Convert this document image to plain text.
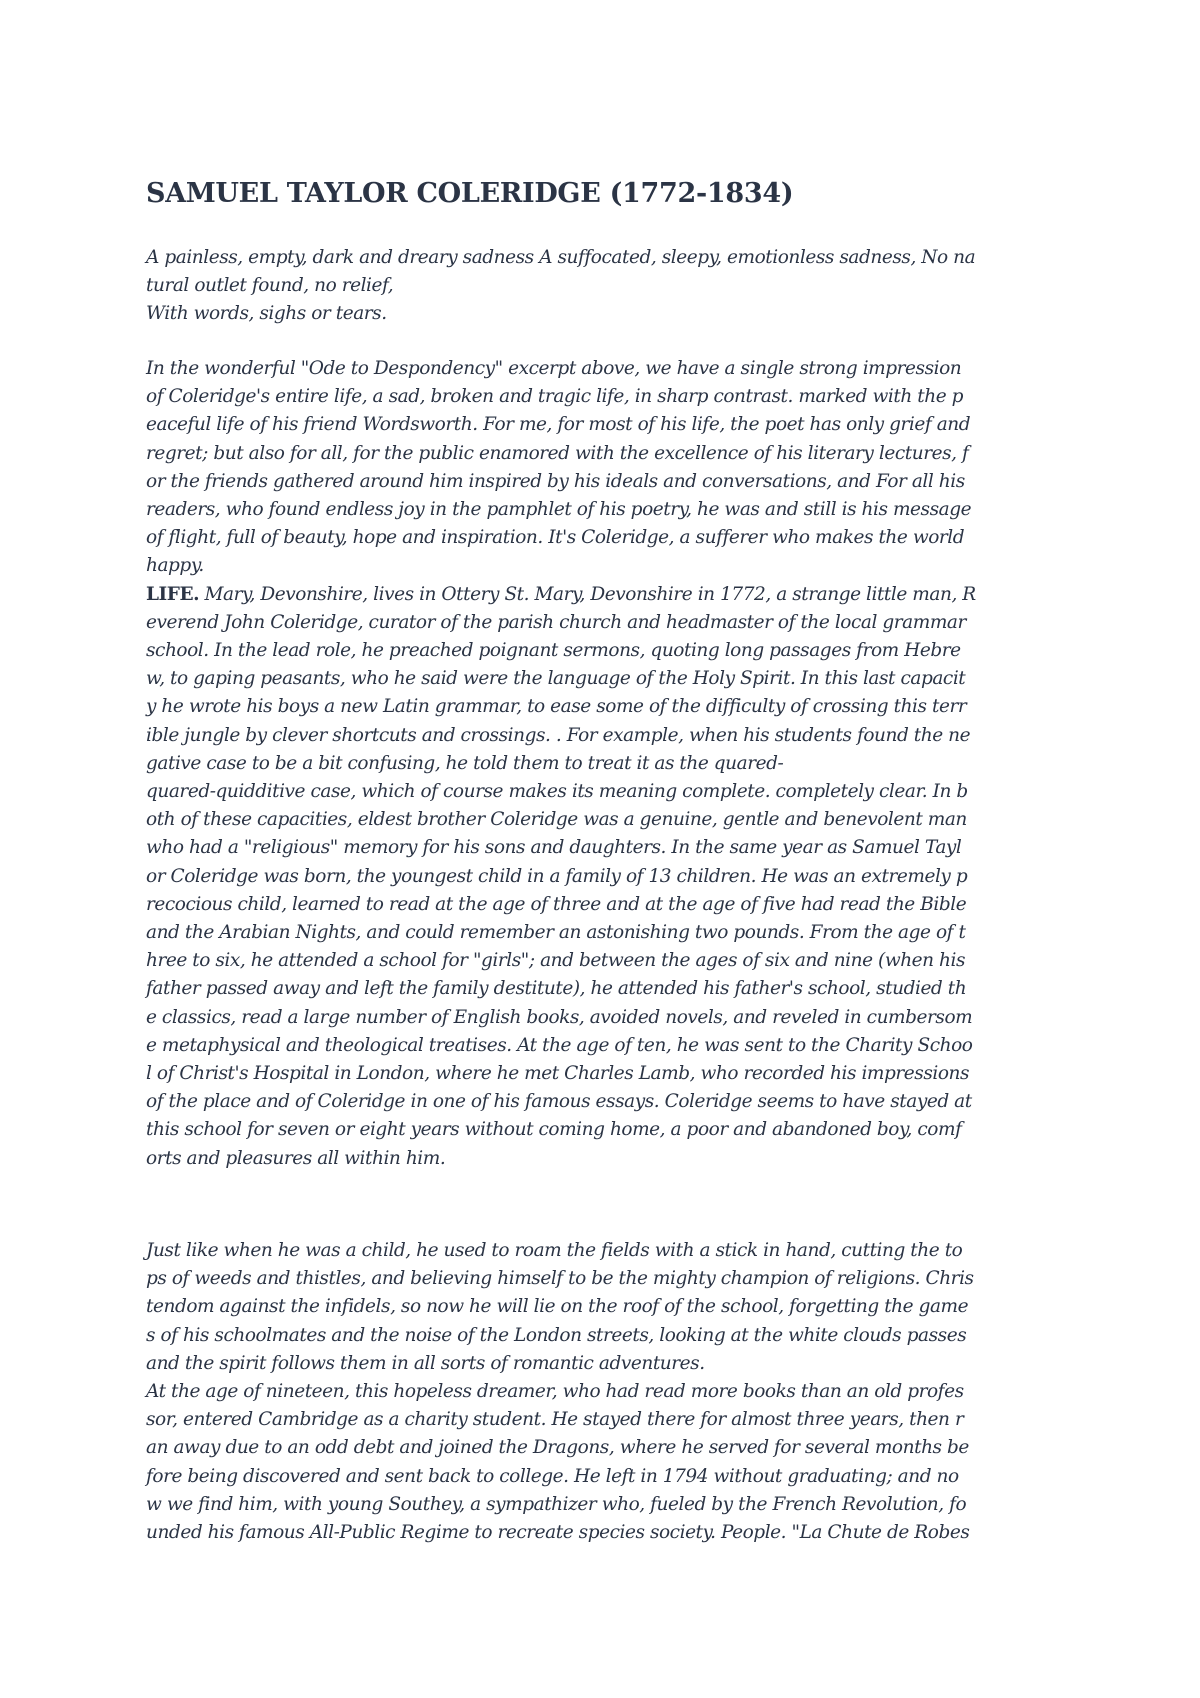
SAMUEL TAYLOR COLERIDGE (1772-1834)
A painless, empty, dark and dreary sadness A suffocated, sleepy, emotionless sadness, No na
tural outlet found, no relief,
With words, sighs or tears.

In the wonderful "Ode to Despondency" excerpt above, we have a single strong impression
of Coleridge's entire life, a sad, broken and tragic life, in sharp contrast. marked with the p
eaceful life of his friend Wordsworth. For me, for most of his life, the poet has only grief and
regret; but also for all, for the public enamored with the excellence of his literary lectures, f
or the friends gathered around him inspired by his ideals and conversations, and For all his
readers, who found endless joy in the pamphlet of his poetry, he was and still is his message
of flight, full of beauty, hope and inspiration. It's Coleridge, a sufferer who makes the world
happy.

LIFE. Mary, Devonshire, lives in Ottery St. Mary, Devonshire in 1772, a strange little man, R
everend John Coleridge, curator of the parish church and headmaster of the local grammar
school. In the lead role, he preached poignant sermons, quoting long passages from Hebre
w, to gaping peasants, who he said were the language of the Holy Spirit. In this last capacit
y he wrote his boys a new Latin grammar, to ease some of the difficulty of crossing this terr
ible jungle by clever shortcuts and crossings. . For example, when his students found the ne
gative case to be a bit confusing, he told them to treat it as the quared-
quared-quidditive case, which of course makes its meaning complete. completely clear. In b
oth of these capacities, eldest brother Coleridge was a genuine, gentle and benevolent man
who had a "religious" memory for his sons and daughters. In the same year as Samuel Tayl
or Coleridge was born, the youngest child in a family of 13 children. He was an extremely p
recocious child, learned to read at the age of three and at the age of five had read the Bible
and the Arabian Nights, and could remember an astonishing two pounds. From the age of t
hree to six, he attended a school for "girls"; and between the ages of six and nine (when his
father passed away and left the family destitute), he attended his father's school, studied th
e classics, read a large number of English books, avoided novels, and reveled in cumbersom
e metaphysical and theological treatises. At the age of ten, he was sent to the Charity Schoo
l of Christ's Hospital in London, where he met Charles Lamb, who recorded his impressions
of the place and of Coleridge in one of his famous essays. Coleridge seems to have stayed at
this school for seven or eight years without coming home, a poor and abandoned boy, comf
orts and pleasures all within him.

Just like when he was a child, he used to roam the fields with a stick in hand, cutting the to
ps of weeds and thistles, and believing himself to be the mighty champion of religions. Chris
tendom against the infidels, so now he will lie on the roof of the school, forgetting the game
s of his schoolmates and the noise of the London streets, looking at the white clouds passes
and the spirit follows them in all sorts of romantic adventures.

At the age of nineteen, this hopeless dreamer, who had read more books than an old profes
sor, entered Cambridge as a charity student. He stayed there for almost three years, then r
an away due to an odd debt and joined the Dragons, where he served for several months be
fore being discovered and sent back to college. He left in 1794 without graduating; and no
w we find him, with young Southey, a sympathizer who, fueled by the French Revolution, fo
unded his famous All-Public Regime to recreate species society. People. "La Chute de Robes
